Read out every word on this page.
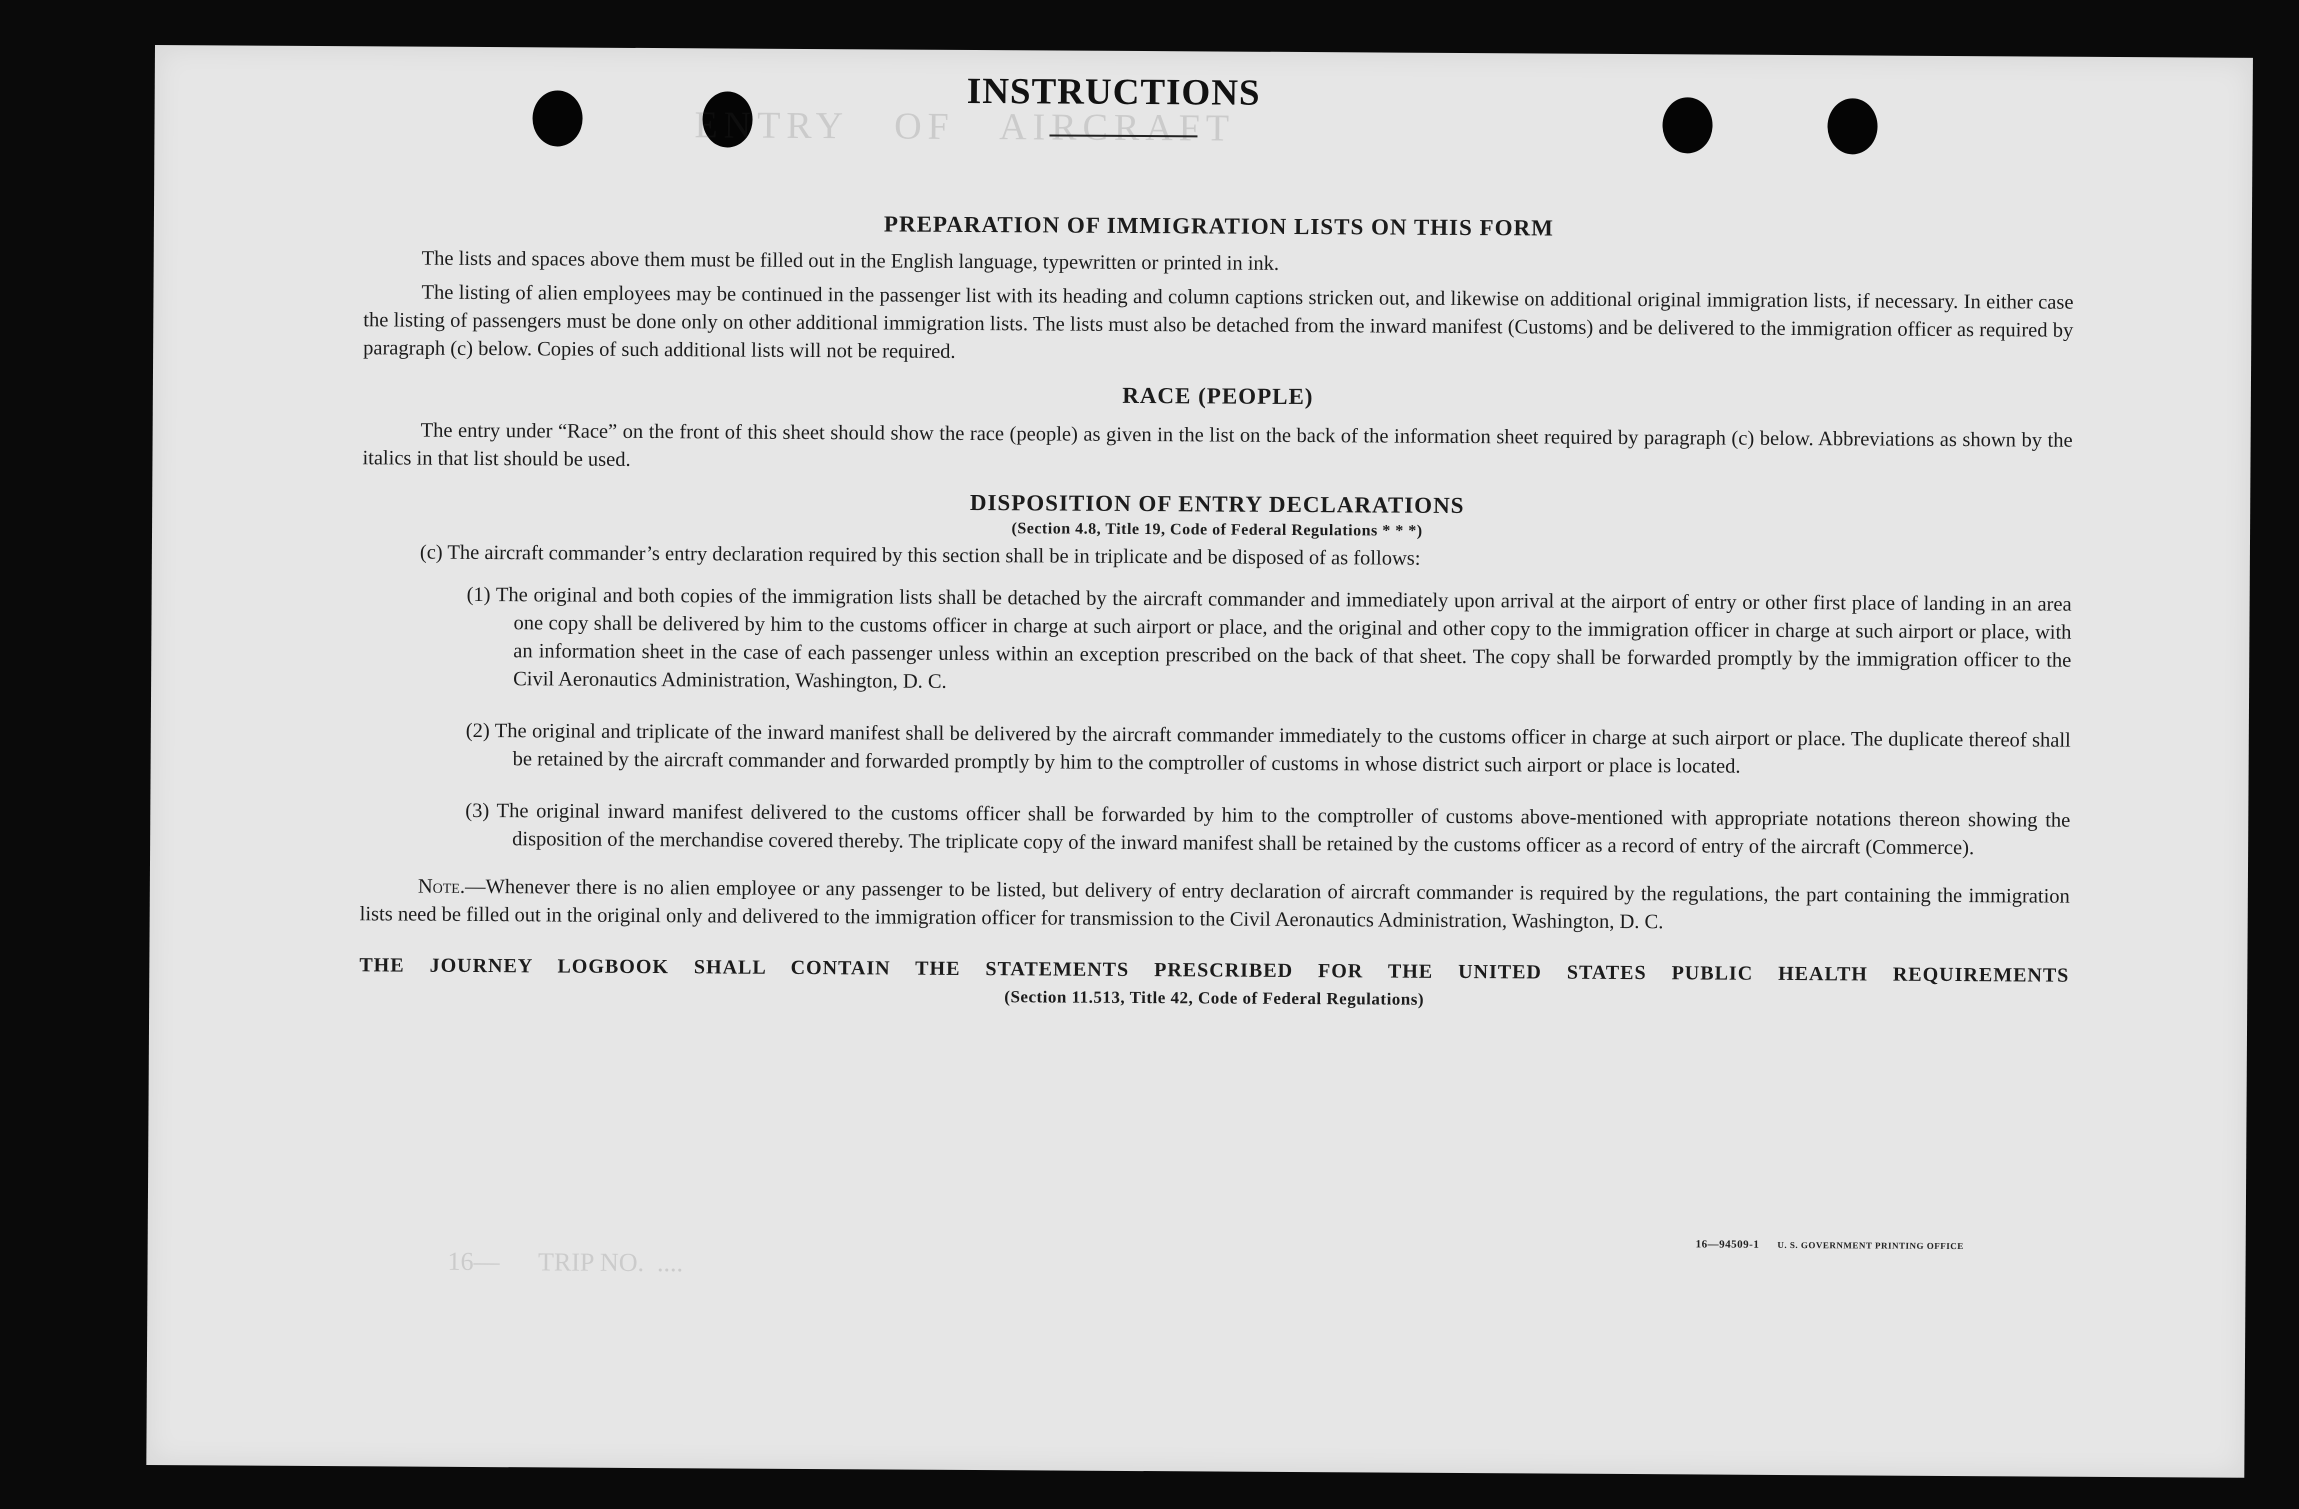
ENTRY   OF   AIRCRAFT
16—      TRIP NO.  ....
INSTRUCTIONS

PREPARATION OF IMMIGRATION LISTS ON THIS FORM

The lists and spaces above them must be filled out in the English language, typewritten or printed in ink.

The listing of alien employees may be continued in the passenger list with its heading and column captions stricken out, and likewise on additional original immigration lists, if necessary. In either case the listing of passengers must be done only on other additional immigration lists. The lists must also be detached from the inward manifest (Customs) and be delivered to the immigration officer as required by paragraph (c) below. Copies of such additional lists will not be required.

RACE (PEOPLE)

The entry under “Race” on the front of this sheet should show the race (people) as given in the list on the back of the information sheet required by paragraph (c) below. Abbreviations as shown by the italics in that list should be used.

DISPOSITION OF ENTRY DECLARATIONS

(Section 4.8, Title 19, Code of Federal Regulations * * *)

(c) The aircraft commander’s entry declaration required by this section shall be in triplicate and be disposed of as follows:

(1) The original and both copies of the immigration lists shall be detached by the aircraft commander and immediately upon arrival at the airport of entry or other first place of landing in an area one copy shall be delivered by him to the customs officer in charge at such airport or place, and the original and other copy to the immigration officer in charge at such airport or place, with an information sheet in the case of each passenger unless within an exception prescribed on the back of that sheet. The copy shall be forwarded promptly by the immigration officer to the Civil Aeronautics Administration, Washington, D. C.

(2) The original and triplicate of the inward manifest shall be delivered by the aircraft commander immediately to the customs officer in charge at such airport or place. The duplicate thereof shall be retained by the aircraft commander and forwarded promptly by him to the comptroller of customs in whose district such airport or place is located.

(3) The original inward manifest delivered to the customs officer shall be forwarded by him to the comptroller of customs above-mentioned with appropriate notations thereon showing the disposition of the merchandise covered thereby. The triplicate copy of the inward manifest shall be retained by the customs officer as a record of entry of the aircraft (Commerce).

Note.—Whenever there is no alien employee or any passenger to be listed, but delivery of entry declaration of aircraft commander is required by the regulations, the part containing the immigration lists need be filled out in the original only and delivered to the immigration officer for transmission to the Civil Aeronautics Administration, Washington, D. C.

THE JOURNEY LOGBOOK SHALL CONTAIN THE STATEMENTS PRESCRIBED FOR THE UNITED STATES PUBLIC HEALTH REQUIREMENTS

(Section 11.513, Title 42, Code of Federal Regulations)

16—94509-1 U. S. GOVERNMENT PRINTING OFFICE
